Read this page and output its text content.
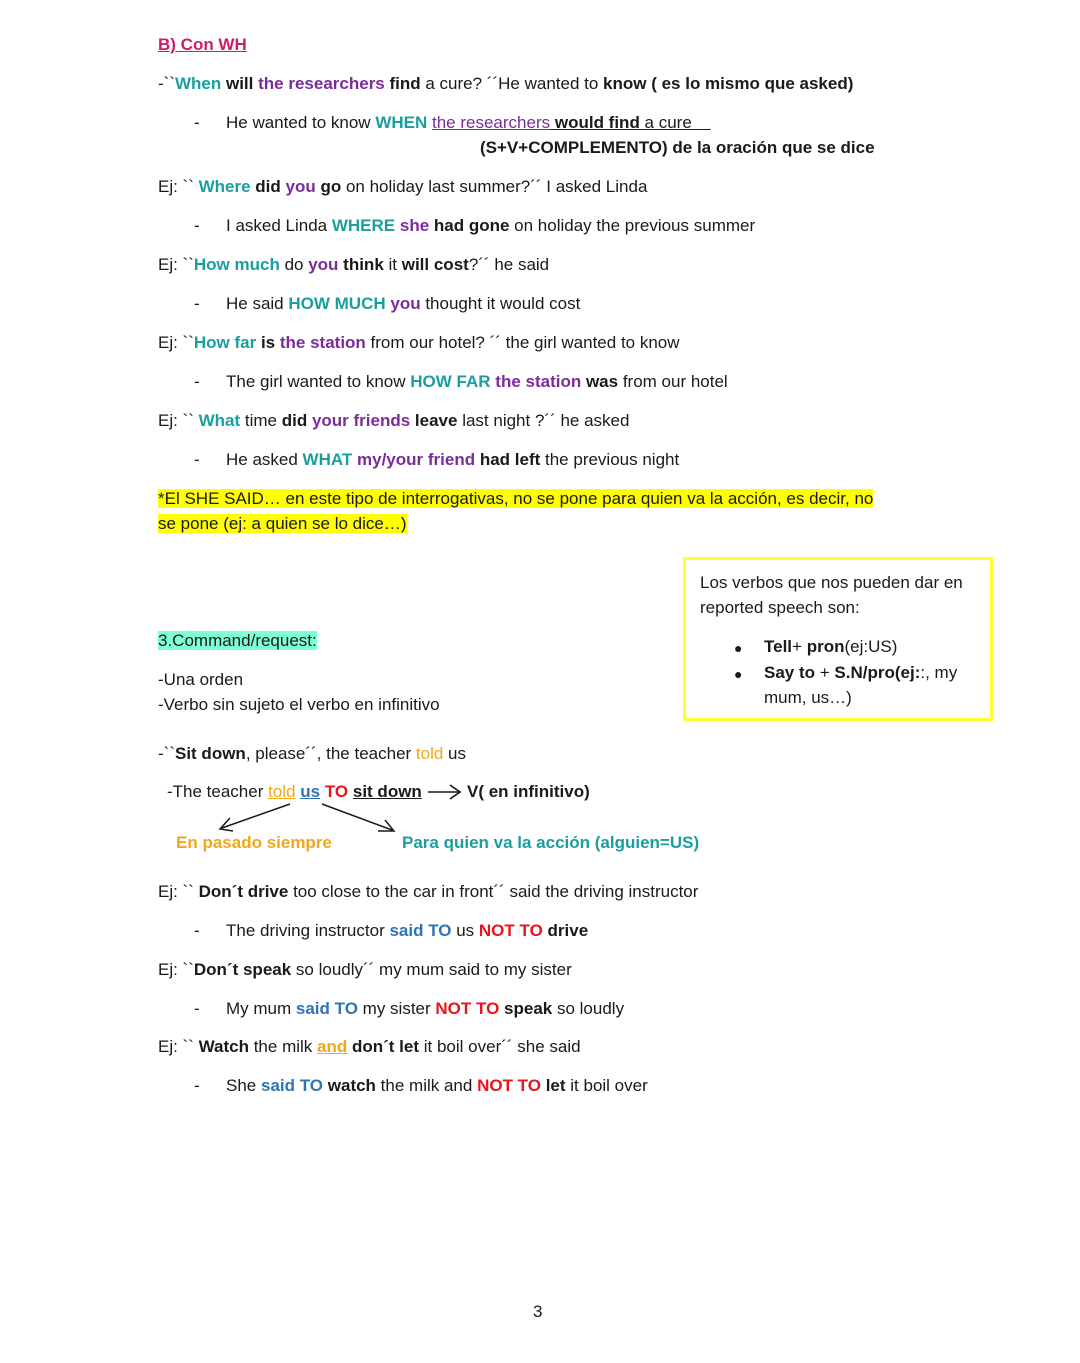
B) Con WH
-``When will the researchers find a cure? ´´He wanted to know ( es lo mismo que asked)
- He wanted to know WHEN the researchers would find a cure
(S+V+COMPLEMENTO) de la oración que se dice
Ej: `` Where did you go on holiday last summer?´´ I asked Linda
- I asked Linda WHERE she had gone on holiday the previous summer
Ej: ``How much do you think it will cost?´´ he said
- He said HOW MUCH you thought it would cost
Ej: ``How far is the station from our hotel? ´´ the girl wanted to know
- The girl wanted to know HOW FAR the station was from our hotel
Ej: `` What time did your friends leave last night ?´´ he asked
- He asked WHAT my/your friend had left the previous night
*El SHE SAID… en este tipo de interrogativas, no se pone para quien va la acción, es decir, no
se pone (ej: a quien se lo dice…)
Los verbos que nos pueden dar en
reported speech son:
● Tell+ pron(ej:US)
● Say to + S.N/pro(ej::, my
mum, us…)
3.Command/request:
-Una orden
-Verbo sin sujeto el verbo en infinitivo
-``Sit down, please´´, the teacher told us
-The teacher told us TO sit down	V( en infinitivo)
En pasado siempre	Para quien va la acción (alguien=US)
Ej: `` Don´t drive too close to the car in front´´ said the driving instructor
- The driving instructor said TO us NOT TO drive
Ej: ``Don´t speak so loudly´´ my mum said to my sister
- My mum said TO my sister NOT TO speak so loudly
Ej: `` Watch the milk and don´t let it boil over´´ she said
- She said TO watch the milk and NOT TO let it boil over
3
